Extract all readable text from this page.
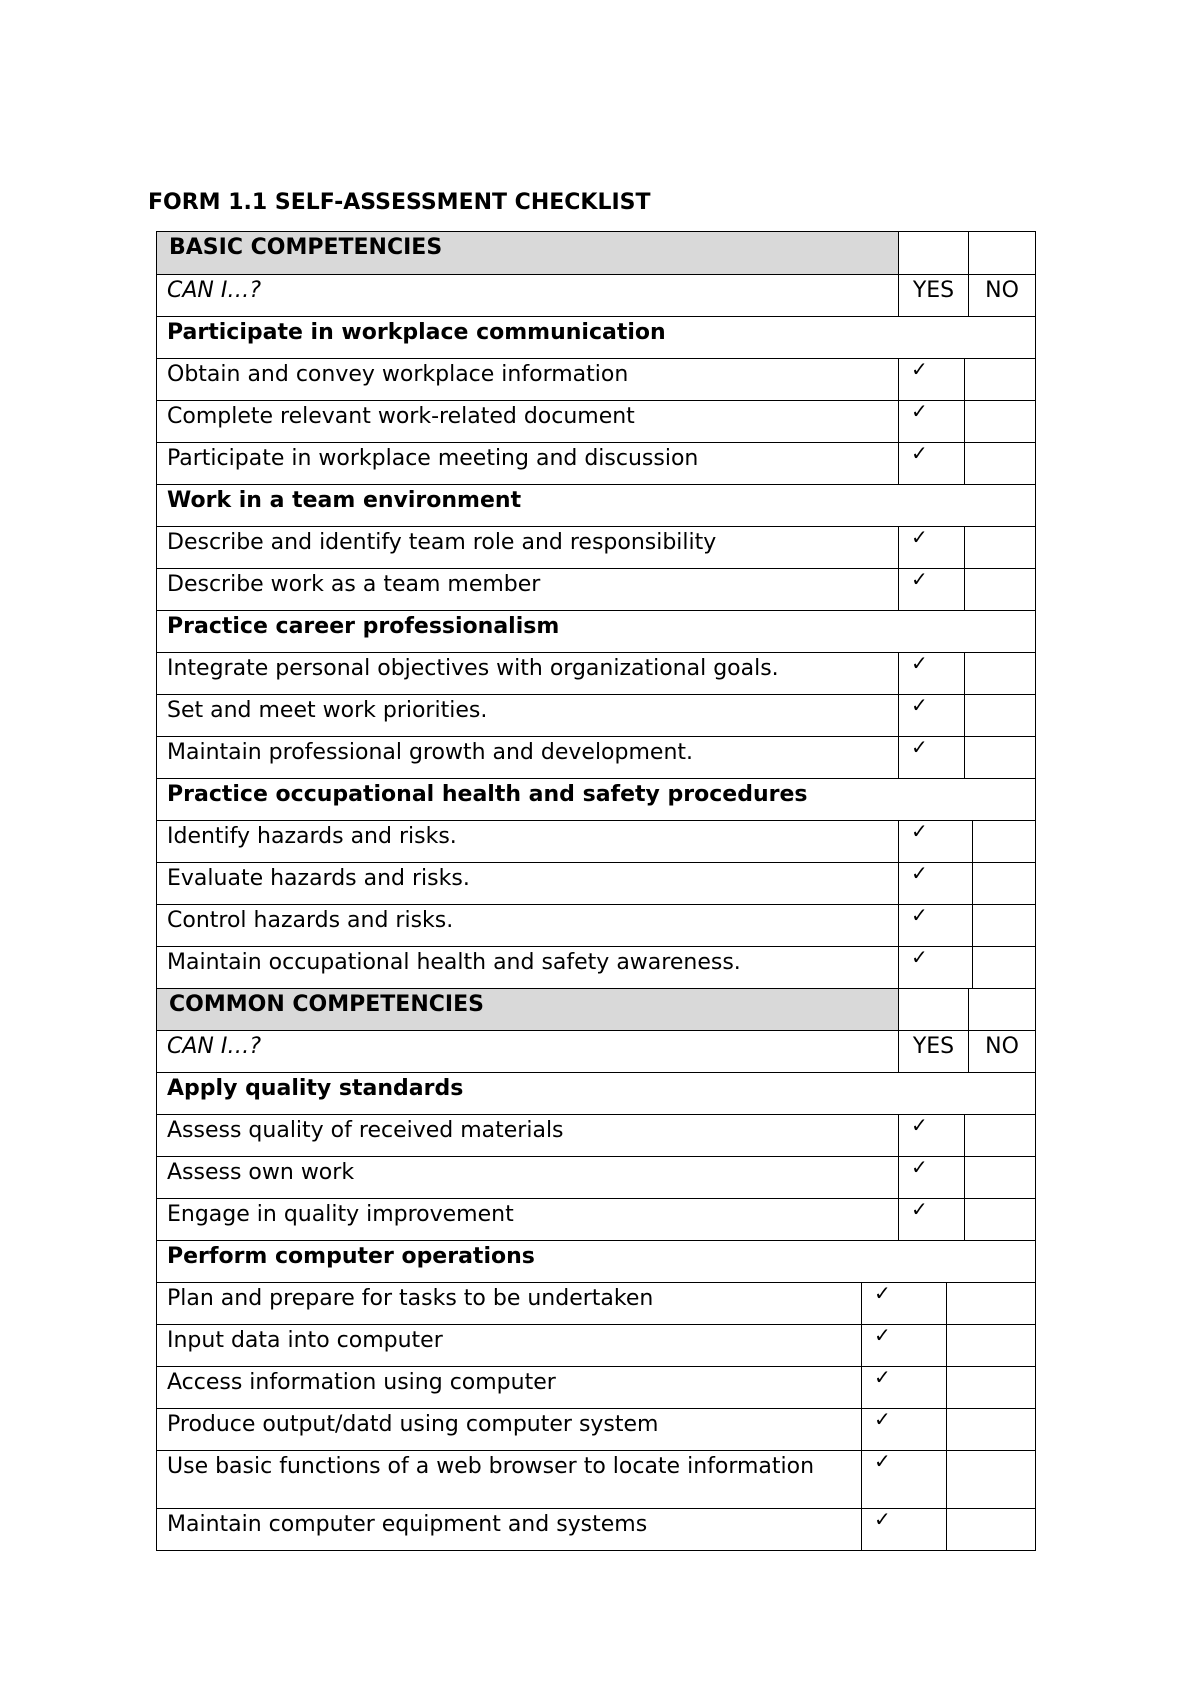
FORM 1.1 SELF-ASSESSMENT CHECKLIST
BASIC COMPETENCIES
CAN I…?	YES	NO
Participate in workplace communication
Obtain and convey workplace information	✓
Complete relevant work-related document	✓
Participate in workplace meeting and discussion	✓
Work in a team environment
Describe and identify team role and responsibility	✓
Describe work as a team member	✓
Practice career professionalism
Integrate personal objectives with organizational goals.	✓
Set and meet work priorities.	✓
Maintain professional growth and development.	✓
Practice occupational health and safety procedures
Identify hazards and risks.	✓
Evaluate hazards and risks.	✓
Control hazards and risks.	✓
Maintain occupational health and safety awareness.	✓
COMMON COMPETENCIES
CAN I…?	YES	NO
Apply quality standards
Assess quality of received materials	✓
Assess own work	✓
Engage in quality improvement	✓
Perform computer operations
Plan and prepare for tasks to be undertaken	✓
Input data into computer	✓
Access information using computer	✓
Produce output/datd using computer system	✓
Use basic functions of a web browser to locate information	✓
Maintain computer equipment and systems	✓
